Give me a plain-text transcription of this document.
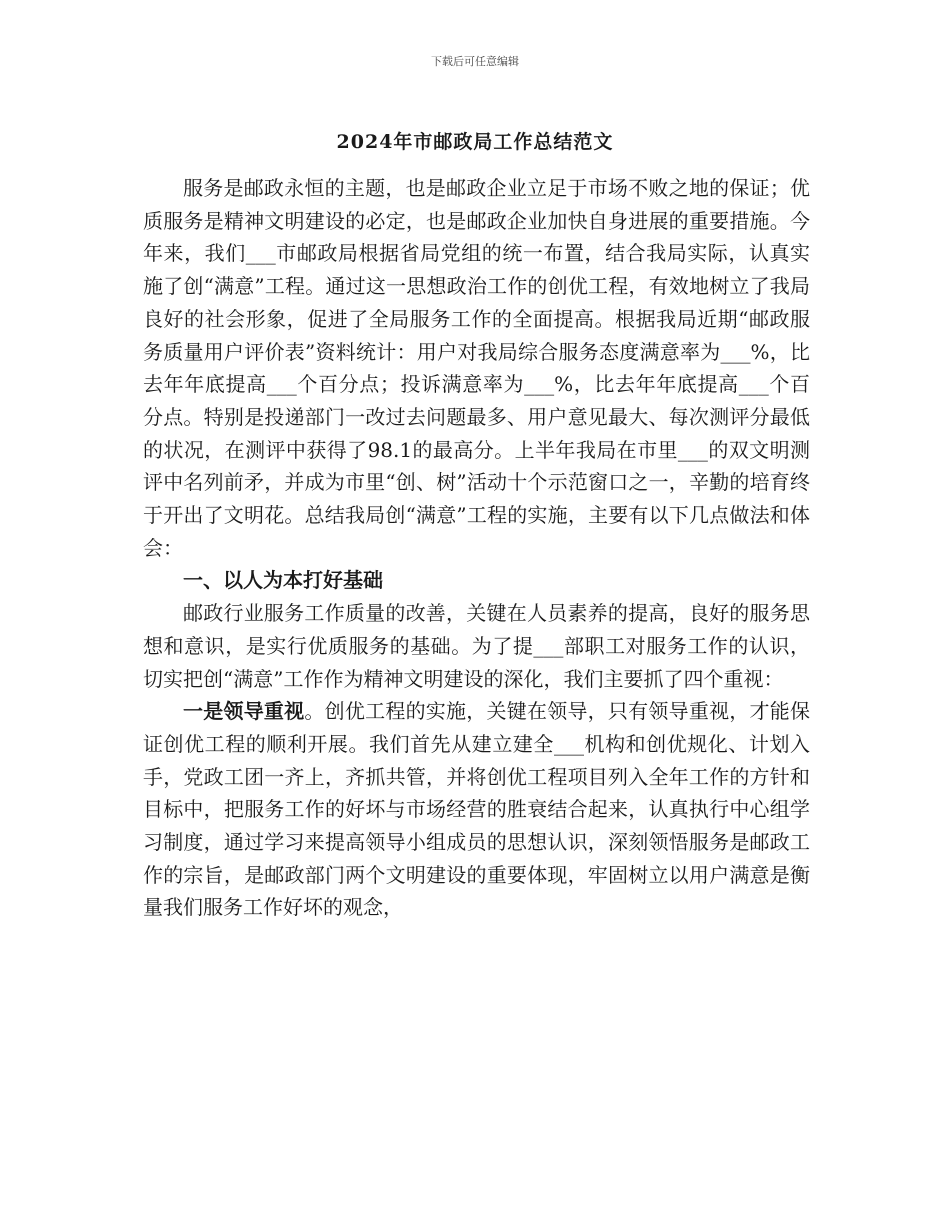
下载后可任意编辑
2024年市邮政局工作总结范文

服务是邮政永恒的主题，也是邮政企业立足于市场不败之地的保证；优质服务是精神文明建设的必定，也是邮政企业加快自身进展的重要措施。今年来，我们___市邮政局根据省局党组的统一布置，结合我局实际，认真实施了创“满意”工程。通过这一思想政治工作的创优工程，有效地树立了我局良好的社会形象，促进了全局服务工作的全面提高。根据我局近期“邮政服务质量用户评价表”资料统计：用户对我局综合服务态度满意率为___%，比去年年底提高___个百分点；投诉满意率为___%，比去年年底提高___个百分点。特别是投递部门一改过去问题最多、用户意见最大、每次测评分最低的状况，在测评中获得了98.1的最高分。上半年我局在市里___的双文明测评中名列前矛，并成为市里“创、树”活动十个示范窗口之一，辛勤的培育终于开出了文明花。总结我局创“满意”工程的实施，主要有以下几点做法和体会：

一、以人为本打好基础

邮政行业服务工作质量的改善，关键在人员素养的提高，良好的服务思想和意识，是实行优质服务的基础。为了提___部职工对服务工作的认识，切实把创“满意”工作作为精神文明建设的深化，我们主要抓了四个重视：

一是领导重视。创优工程的实施，关键在领导，只有领导重视，才能保证创优工程的顺利开展。我们首先从建立建全___机构和创优规化、计划入手，党政工团一齐上，齐抓共管，并将创优工程项目列入全年工作的方针和目标中，把服务工作的好坏与市场经营的胜衰结合起来，认真执行中心组学习制度，通过学习来提高领导小组成员的思想认识，深刻领悟服务是邮政工作的宗旨，是邮政部门两个文明建设的重要体现，牢固树立以用户满意是衡量我们服务工作好坏的观念，
